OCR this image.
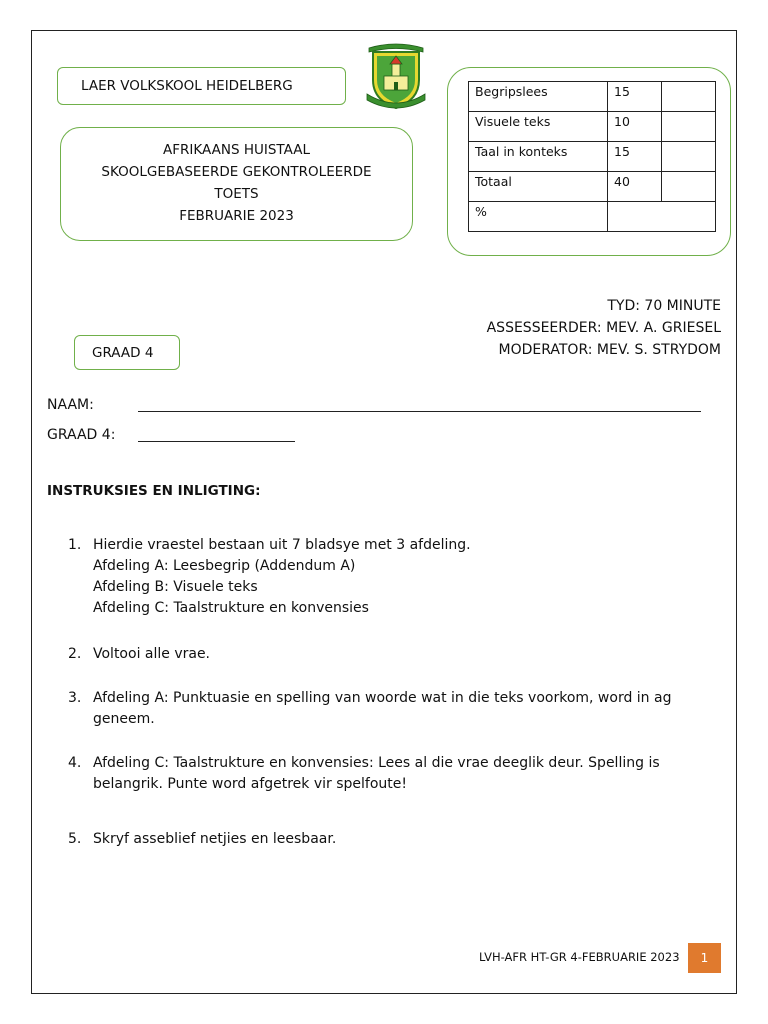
LAER VOLKSKOOL HEIDELBERG
AFRIKAANS HUISTAAL
SKOOLGEBASEERDE GEKONTROLEERDE
TOETS
FEBRUARIE 2023
Begripslees	15	
Visuele teks	10	
Taal in konteks	15	
Totaal	40	
%		
TYD: 70 MINUTE
ASSESSEERDER: MEV. A. GRIESEL
MODERATOR: MEV. S. STRYDOM
GRAAD 4
NAAM:
GRAAD 4:
INSTRUKSIES EN INLIGTING:
1. Hierdie vraestel bestaan uit 7 bladsye met 3 afdeling.
Afdeling A: Leesbegrip (Addendum A)
Afdeling B: Visuele teks
Afdeling C: Taalstrukture en konvensies
2. Voltooi alle vrae.
3. Afdeling A: Punktuasie en spelling van woorde wat in die teks voorkom, word in ag
geneem.
4. Afdeling C: Taalstrukture en konvensies: Lees al die vrae deeglik deur. Spelling is
belangrik. Punte word afgetrek vir spelfoute!
5. Skryf asseblief netjies en leesbaar.
LVH-AFR HT-GR 4-FEBRUARIE 2023 1
